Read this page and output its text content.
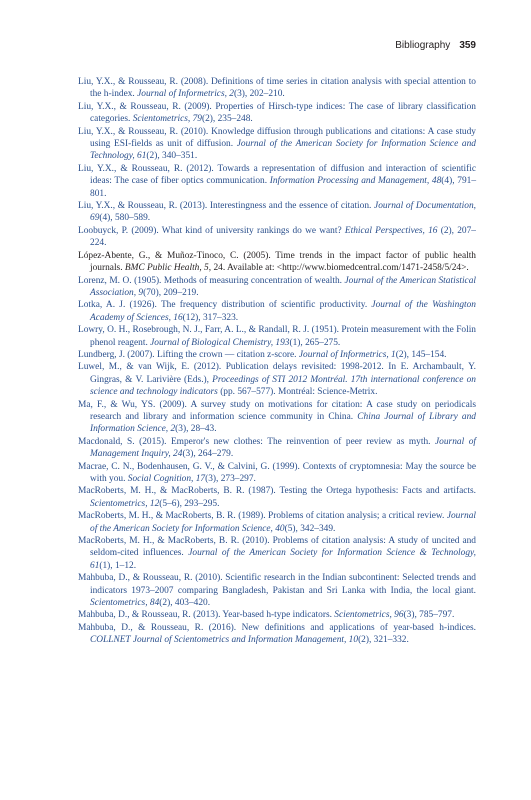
Bibliography 359

Liu, Y.X., & Rousseau, R. (2008). Definitions of time series in citation analysis with special attention to the h-index. Journal of Informetrics, 2(3), 202–210.

Liu, Y.X., & Rousseau, R. (2009). Properties of Hirsch-type indices: The case of library classification categories. Scientometrics, 79(2), 235–248.

Liu, Y.X., & Rousseau, R. (2010). Knowledge diffusion through publications and citations: A case study using ESI-fields as unit of diffusion. Journal of the American Society for Information Science and Technology, 61(2), 340–351.

Liu, Y.X., & Rousseau, R. (2012). Towards a representation of diffusion and interaction of scientific ideas: The case of fiber optics communication. Information Processing and Management, 48(4), 791–801.

Liu, Y.X., & Rousseau, R. (2013). Interestingness and the essence of citation. Journal of Documentation, 69(4), 580–589.

Loobuyck, P. (2009). What kind of university rankings do we want? Ethical Perspectives, 16 (2), 207–224.

López-Abente, G., & Muñoz-Tinoco, C. (2005). Time trends in the impact factor of public health journals. BMC Public Health, 5, 24. Available at: <http://www.biomedcentral.com/1471-2458/5/24>.

Lorenz, M. O. (1905). Methods of measuring concentration of wealth. Journal of the American Statistical Association, 9(70), 209–219.

Lotka, A. J. (1926). The frequency distribution of scientific productivity. Journal of the Washington Academy of Sciences, 16(12), 317–323.

Lowry, O. H., Rosebrough, N. J., Farr, A. L., & Randall, R. J. (1951). Protein measurement with the Folin phenol reagent. Journal of Biological Chemistry, 193(1), 265–275.

Lundberg, J. (2007). Lifting the crown — citation z-score. Journal of Informetrics, 1(2), 145–154.

Luwel, M., & van Wijk, E. (2012). Publication delays revisited: 1998-2012. In E. Archambault, Y. Gingras, & V. Larivière (Eds.), Proceedings of STI 2012 Montréal. 17th international conference on science and technology indicators (pp. 567–577). Montréal: Science-Metrix.

Ma, F., & Wu, YS. (2009). A survey study on motivations for citation: A case study on periodicals research and library and information science community in China. China Journal of Library and Information Science, 2(3), 28–43.

Macdonald, S. (2015). Emperor's new clothes: The reinvention of peer review as myth. Journal of Management Inquiry, 24(3), 264–279.

Macrae, C. N., Bodenhausen, G. V., & Calvini, G. (1999). Contexts of cryptomnesia: May the source be with you. Social Cognition, 17(3), 273–297.

MacRoberts, M. H., & MacRoberts, B. R. (1987). Testing the Ortega hypothesis: Facts and artifacts. Scientometrics, 12(5–6), 293–295.

MacRoberts, M. H., & MacRoberts, B. R. (1989). Problems of citation analysis; a critical review. Journal of the American Society for Information Science, 40(5), 342–349.

MacRoberts, M. H., & MacRoberts, B. R. (2010). Problems of citation analysis: A study of uncited and seldom-cited influences. Journal of the American Society for Information Science & Technology, 61(1), 1–12.

Mahbuba, D., & Rousseau, R. (2010). Scientific research in the Indian subcontinent: Selected trends and indicators 1973–2007 comparing Bangladesh, Pakistan and Sri Lanka with India, the local giant. Scientometrics, 84(2), 403–420.

Mahbuba, D., & Rousseau, R. (2013). Year-based h-type indicators. Scientometrics, 96(3), 785–797.

Mahbuba, D., & Rousseau, R. (2016). New definitions and applications of year-based h-indices. COLLNET Journal of Scientometrics and Information Management, 10(2), 321–332.
